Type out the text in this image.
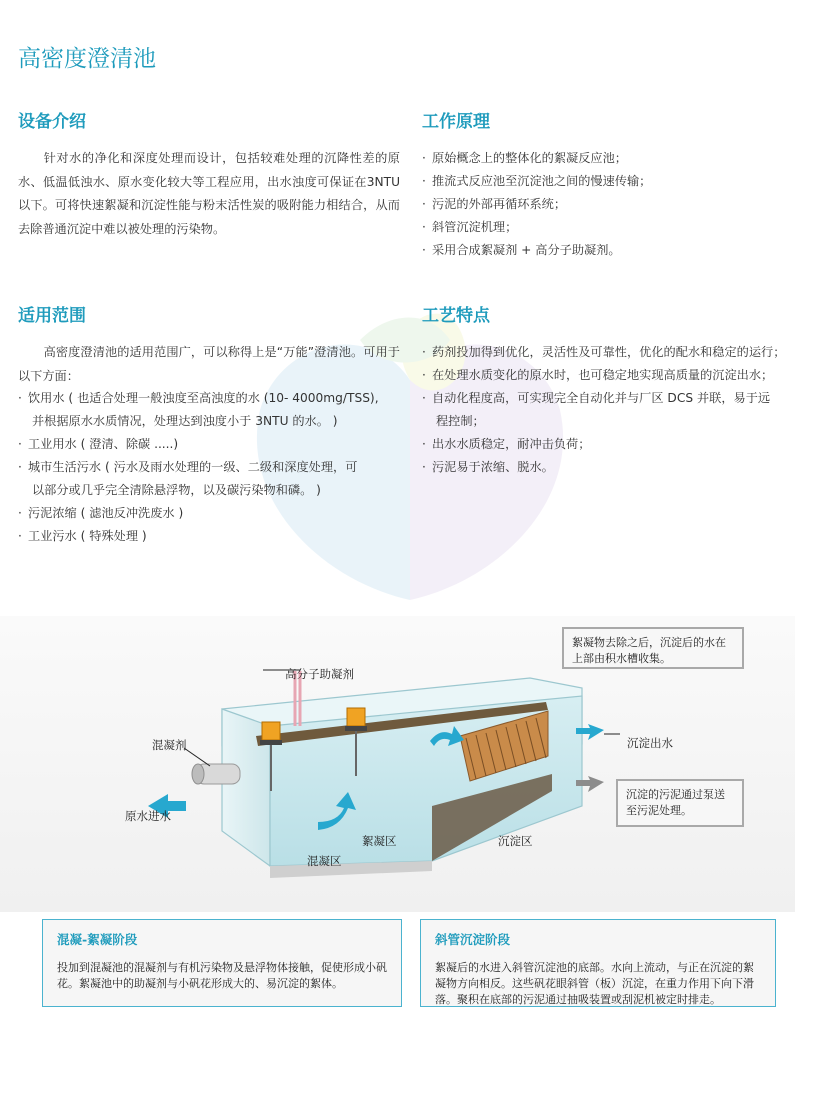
高密度澄清池
设备介绍
针对水的净化和深度处理而设计，包括较难处理的沉降性差的原水、低温低浊水、原水变化较大等工程应用，出水浊度可保证在3NTU 以下。可将快速絮凝和沉淀性能与粉末活性炭的吸附能力相结合，从而去除普通沉淀中难以被处理的污染物。
工作原理
· 原始概念上的整体化的絮凝反应池；
· 推流式反应池至沉淀池之间的慢速传输；
· 污泥的外部再循环系统；
· 斜管沉淀机理；
· 采用合成絮凝剂 + 高分子助凝剂。
适用范围
高密度澄清池的适用范围广，可以称得上是“万能”澄清池。可用于以下方面：
· 饮用水 ( 也适合处理一般浊度至高浊度的水 (10- 4000mg/TSS),
并根据原水水质情况，处理达到浊度小于 3NTU 的水。 )
· 工业用水 ( 澄清、除碳 .....)
· 城市生活污水 ( 污水及雨水处理的一级、二级和深度处理，可
以部分或几乎完全清除悬浮物，以及碳污染物和磷。 )
· 污泥浓缩 ( 滤池反冲洗废水 )
· 工业污水 ( 特殊处理 )
工艺特点
· 药剂投加得到优化，灵活性及可靠性，优化的配水和稳定的运行；
· 在处理水质变化的原水时，也可稳定地实现高质量的沉淀出水；
· 自动化程度高，可实现完全自动化并与厂区 DCS 并联，易于远
程控制；
· 出水水质稳定，耐冲击负荷；
· 污泥易于浓缩、脱水。
高分子助凝剂
混凝剂
原水进水
絮凝区
混凝区
沉淀区
沉淀出水
絮凝物去除之后，沉淀后的水在上部由积水槽收集。
沉淀的污泥通过泵送至污泥处理。
混凝-絮凝阶段
投加到混凝池的混凝剂与有机污染物及悬浮物体接触，促使形成小矾花。絮凝池中的助凝剂与小矾花形成大的、易沉淀的絮体。
斜管沉淀阶段
絮凝后的水进入斜管沉淀池的底部。水向上流动，与正在沉淀的絮凝物方向相反。这些矾花眼斜管（板）沉淀，在重力作用下向下滑落。聚积在底部的污泥通过抽吸装置或刮泥机被定时排走。
